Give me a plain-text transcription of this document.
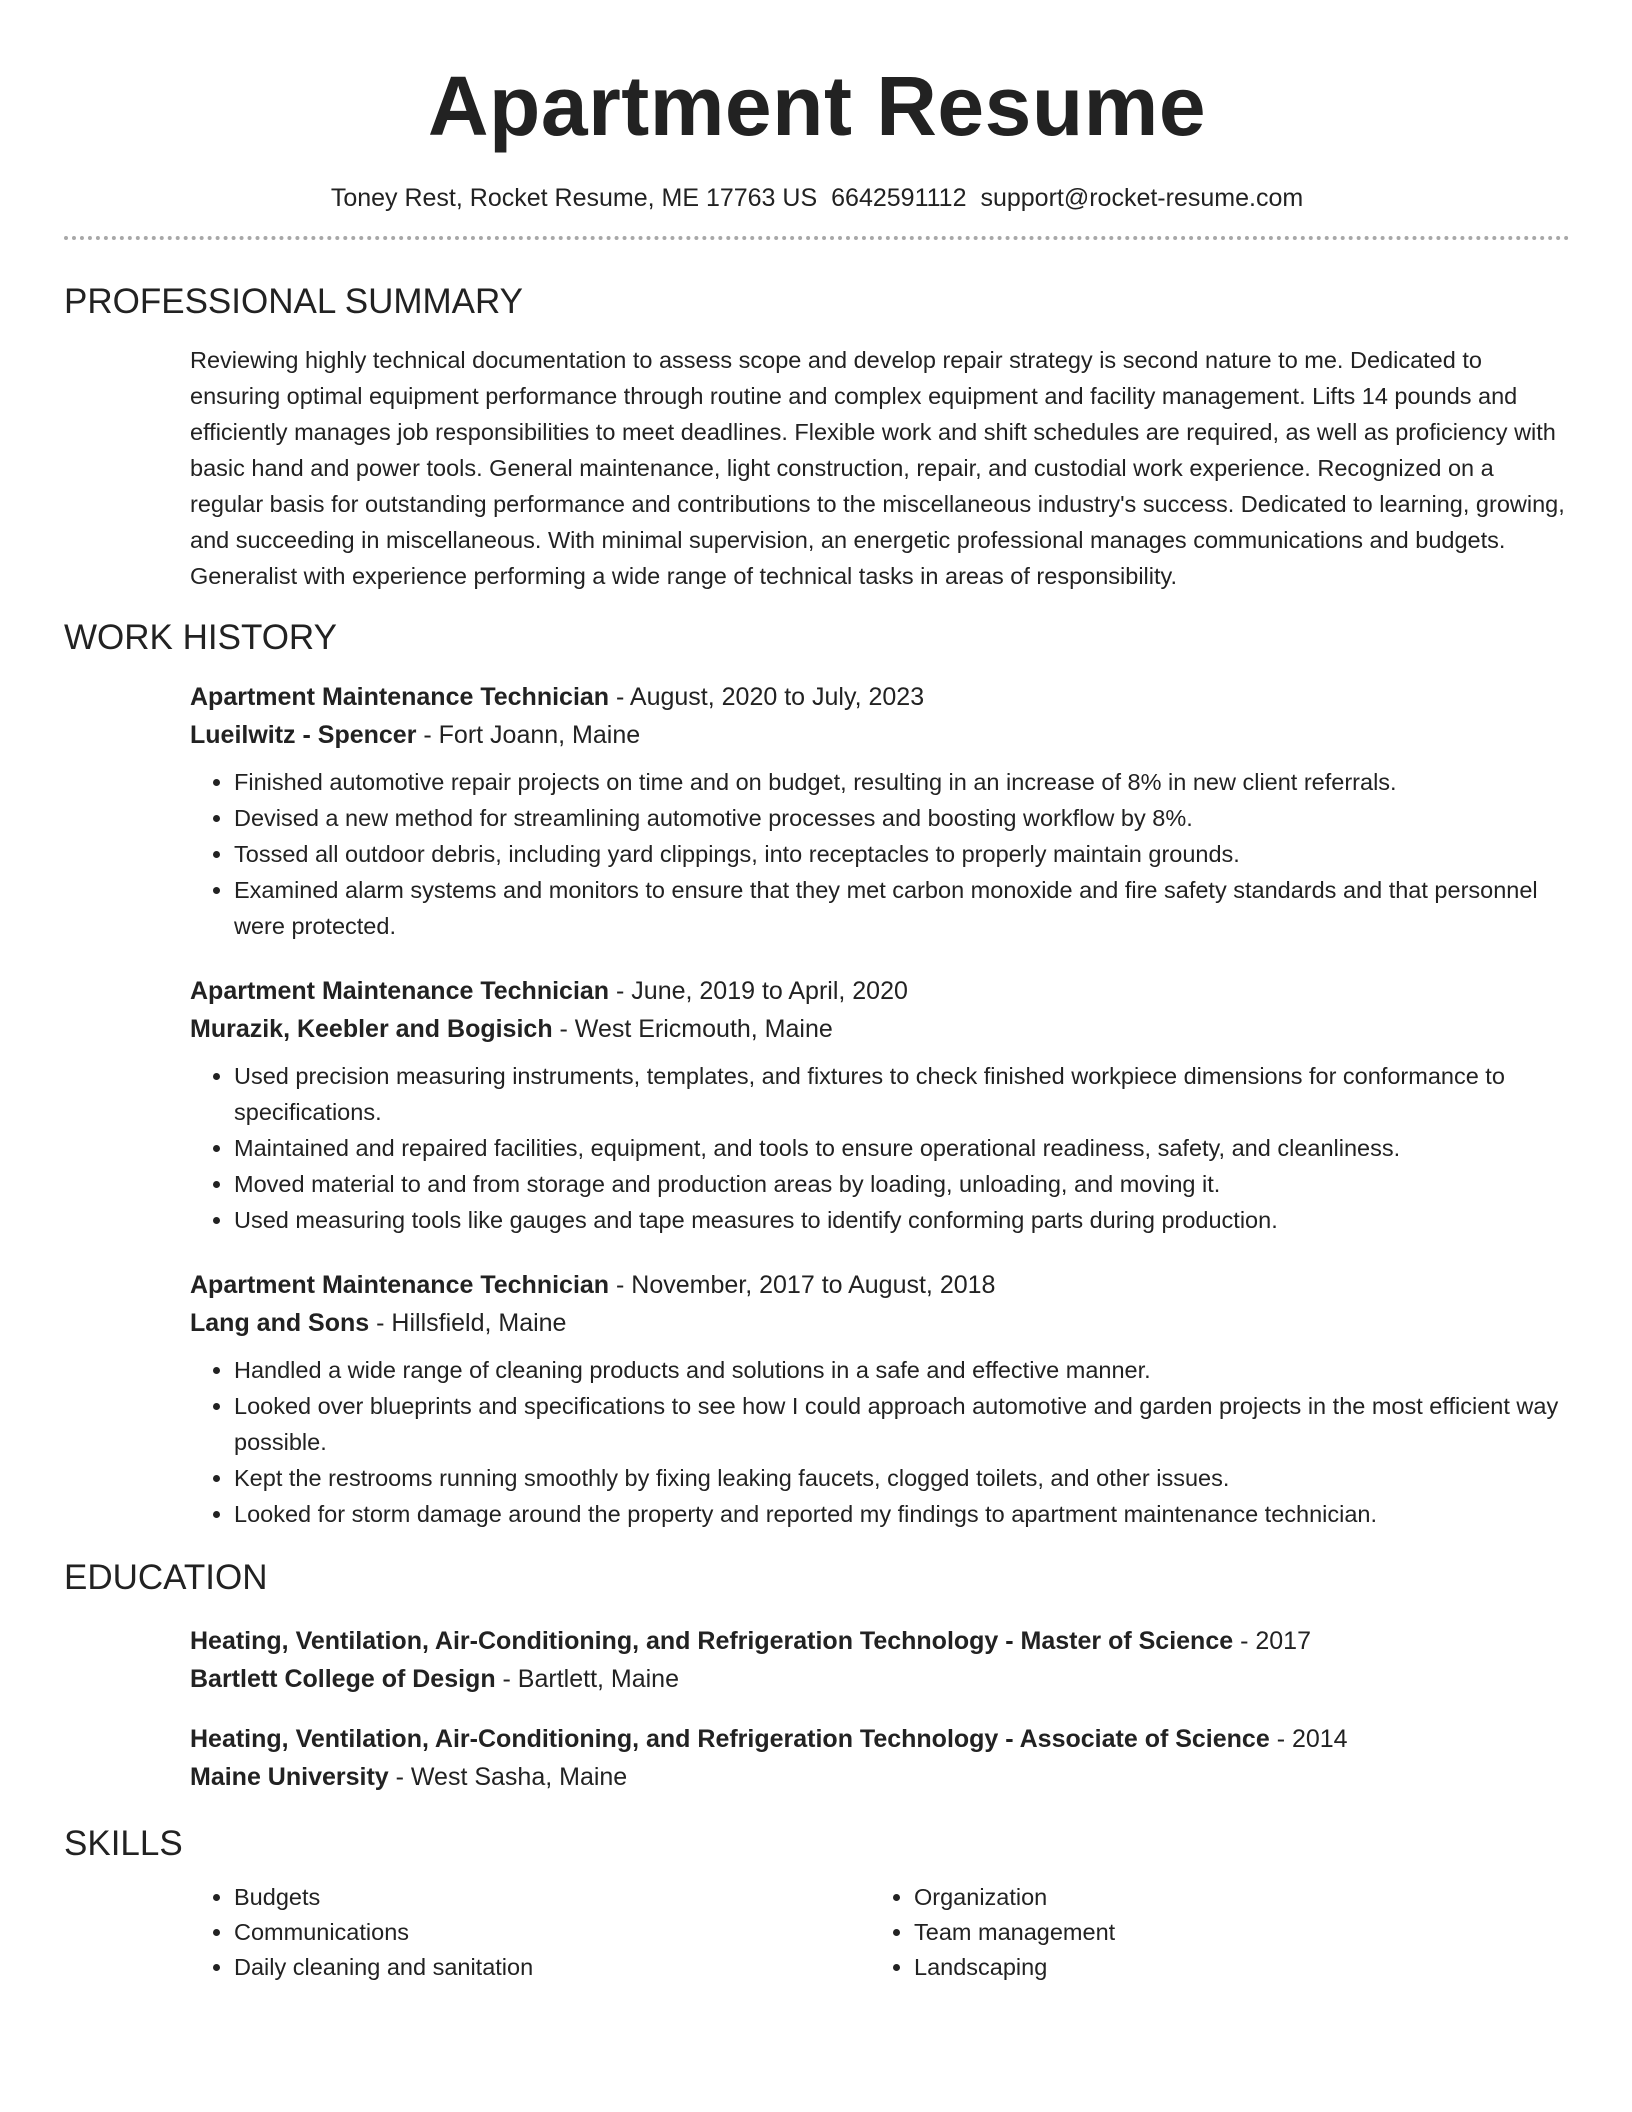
Apartment Resume
Toney Rest, Rocket Resume, ME 17763 US 6642591112 support@rocket-resume.com
PROFESSIONAL SUMMARY

Reviewing highly technical documentation to assess scope and develop repair strategy is second nature to me. Dedicated to ensuring optimal equipment performance through routine and complex equipment and facility management. Lifts 14 pounds and efficiently manages job responsibilities to meet deadlines. Flexible work and shift schedules are required, as well as proficiency with basic hand and power tools. General maintenance, light construction, repair, and custodial work experience. Recognized on a regular basis for outstanding performance and contributions to the miscellaneous industry's success. Dedicated to learning, growing, and succeeding in miscellaneous. With minimal supervision, an energetic professional manages communications and budgets. Generalist with experience performing a wide range of technical tasks in areas of responsibility.

WORK HISTORY
Apartment Maintenance Technician - August, 2020 to July, 2023
Lueilwitz - Spencer - Fort Joann, Maine
• Finished automotive repair projects on time and on budget, resulting in an increase of 8% in new client referrals.
• Devised a new method for streamlining automotive processes and boosting workflow by 8%.
• Tossed all outdoor debris, including yard clippings, into receptacles to properly maintain grounds.
• Examined alarm systems and monitors to ensure that they met carbon monoxide and fire safety standards and that personnel were protected.
Apartment Maintenance Technician - June, 2019 to April, 2020
Murazik, Keebler and Bogisich - West Ericmouth, Maine
• Used precision measuring instruments, templates, and fixtures to check finished workpiece dimensions for conformance to specifications.
• Maintained and repaired facilities, equipment, and tools to ensure operational readiness, safety, and cleanliness.
• Moved material to and from storage and production areas by loading, unloading, and moving it.
• Used measuring tools like gauges and tape measures to identify conforming parts during production.
Apartment Maintenance Technician - November, 2017 to August, 2018
Lang and Sons - Hillsfield, Maine
• Handled a wide range of cleaning products and solutions in a safe and effective manner.
• Looked over blueprints and specifications to see how I could approach automotive and garden projects in the most efficient way possible.
• Kept the restrooms running smoothly by fixing leaking faucets, clogged toilets, and other issues.
• Looked for storm damage around the property and reported my findings to apartment maintenance technician.
EDUCATION
Heating, Ventilation, Air-Conditioning, and Refrigeration Technology - Master of Science - 2017
Bartlett College of Design - Bartlett, Maine
Heating, Ventilation, Air-Conditioning, and Refrigeration Technology - Associate of Science - 2014
Maine University - West Sasha, Maine
SKILLS
• Budgets
• Communications
• Daily cleaning and sanitation
• Organization
• Team management
• Landscaping
